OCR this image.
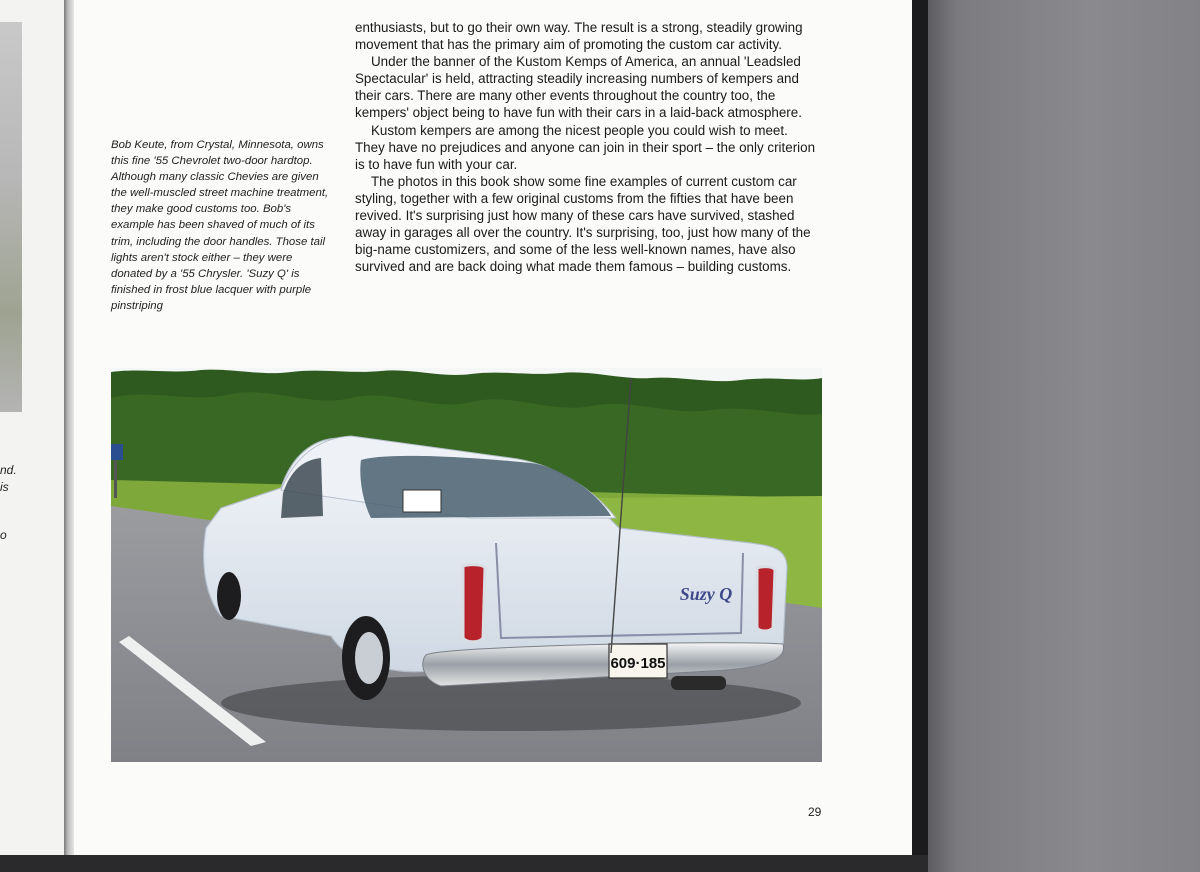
nd.
is
o
Bob Keute, from Crystal, Minnesota, owns this fine '55 Chevrolet two-door hardtop. Although many classic Chevies are given the well-muscled street machine treatment, they make good customs too. Bob's example has been shaved of much of its trim, including the door handles. Those tail lights aren't stock either – they were donated by a '55 Chrysler. 'Suzy Q' is finished in frost blue lacquer with purple pinstriping

enthusiasts, but to go their own way. The result is a strong, steadily growing movement that has the primary aim of promoting the custom car activity.

Under the banner of the Kustom Kemps of America, an annual 'Leadsled Spectacular' is held, attracting steadily increasing numbers of kempers and their cars. There are many other events throughout the country too, the kempers' object being to have fun with their cars in a laid-back atmosphere.

Kustom kempers are among the nicest people you could wish to meet. They have no prejudices and anyone can join in their sport – the only criterion is to have fun with your car.

The photos in this book show some fine examples of current custom car styling, together with a few original customs from the fifties that have been revived. It's surprising just how many of these cars have survived, stashed away in garages all over the country. It's surprising, too, just how many of the big-name customizers, and some of the less well-known names, have also survived and are back doing what made them famous – building customs.

609·185
Suzy Q
29
